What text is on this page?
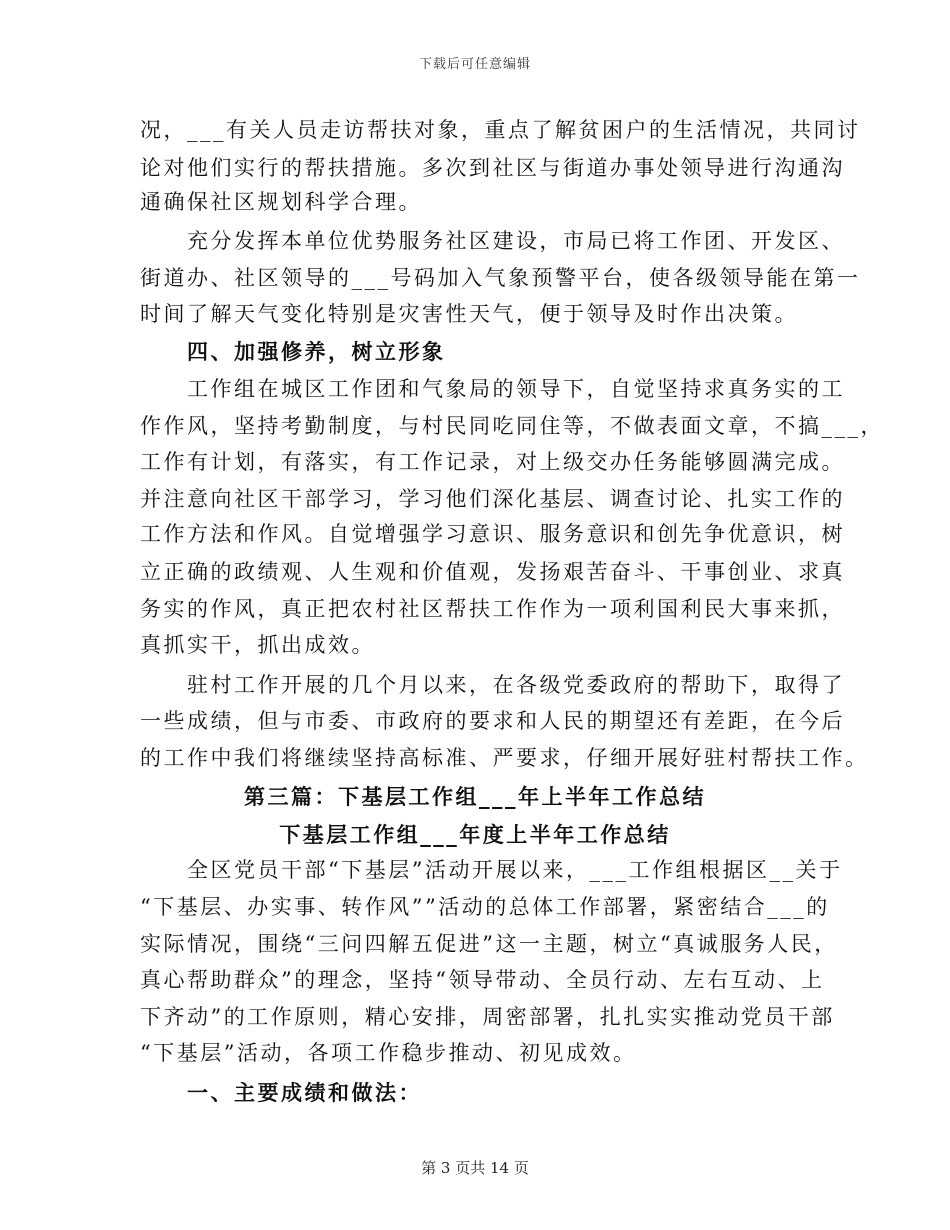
下载后可任意编辑
况，___有关人员走访帮扶对象，重点了解贫困户的生活情况，共同讨
论对他们实行的帮扶措施。多次到社区与街道办事处领导进行沟通沟
通确保社区规划科学合理。
充分发挥本单位优势服务社区建设，市局已将工作团、开发区、
街道办、社区领导的___号码加入气象预警平台，使各级领导能在第一
时间了解天气变化特别是灾害性天气，便于领导及时作出决策。
四、加强修养，树立形象
工作组在城区工作团和气象局的领导下，自觉坚持求真务实的工
作作风，坚持考勤制度，与村民同吃同住等，不做表面文章，不搞___，
工作有计划，有落实，有工作记录，对上级交办任务能够圆满完成。
并注意向社区干部学习，学习他们深化基层、调查讨论、扎实工作的
工作方法和作风。自觉增强学习意识、服务意识和创先争优意识，树
立正确的政绩观、人生观和价值观，发扬艰苦奋斗、干事创业、求真
务实的作风，真正把农村社区帮扶工作作为一项利国利民大事来抓，
真抓实干，抓出成效。
驻村工作开展的几个月以来，在各级党委政府的帮助下，取得了
一些成绩，但与市委、市政府的要求和人民的期望还有差距，在今后
的工作中我们将继续坚持高标准、严要求，仔细开展好驻村帮扶工作。
第三篇：下基层工作组___年上半年工作总结
下基层工作组___年度上半年工作总结
全区党员干部“下基层”活动开展以来，___工作组根据区__关于
“下基层、办实事、转作风””活动的总体工作部署，紧密结合___的
实际情况，围绕“三问四解五促进”这一主题，树立“真诚服务人民，
真心帮助群众”的理念，坚持“领导带动、全员行动、左右互动、上
下齐动”的工作原则，精心安排，周密部署，扎扎实实推动党员干部
“下基层”活动，各项工作稳步推动、初见成效。
一、主要成绩和做法：
第 3 页共 14 页
